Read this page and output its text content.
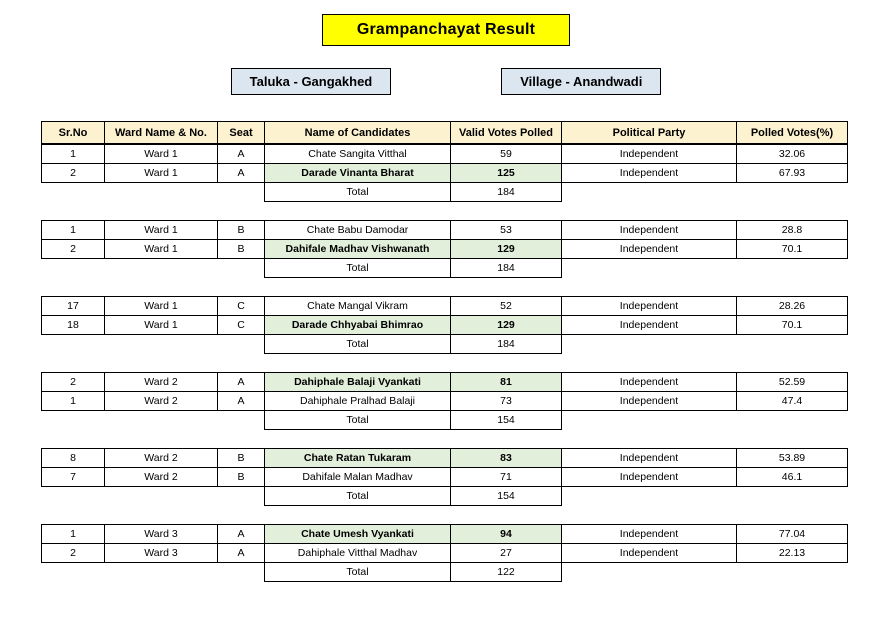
Grampanchayat Result
Taluka - Gangakhed	Village - Anandwadi
Sr.No	Ward Name & No.	Seat	Name of Candidates	Valid Votes Polled	Political Party	Polled Votes(%)
1	Ward 1	A	Chate Sangita Vitthal	59	Independent	32.06
2	Ward 1	A	Darade Vinanta Bharat	125	Independent	67.93
			Total	184		
1	Ward 1	B	Chate Babu Damodar	53	Independent	28.8
2	Ward 1	B	Dahifale Madhav Vishwanath	129	Independent	70.1
			Total	184		
17	Ward 1	C	Chate Mangal Vikram	52	Independent	28.26
18	Ward 1	C	Darade Chhyabai Bhimrao	129	Independent	70.1
			Total	184		
2	Ward 2	A	Dahiphale Balaji Vyankati	81	Independent	52.59
1	Ward 2	A	Dahiphale Pralhad Balaji	73	Independent	47.4
			Total	154		
8	Ward 2	B	Chate Ratan Tukaram	83	Independent	53.89
7	Ward 2	B	Dahifale Malan Madhav	71	Independent	46.1
			Total	154		
1	Ward 3	A	Chate Umesh Vyankati	94	Independent	77.04
2	Ward 3	A	Dahiphale Vitthal Madhav	27	Independent	22.13
			Total	122		
